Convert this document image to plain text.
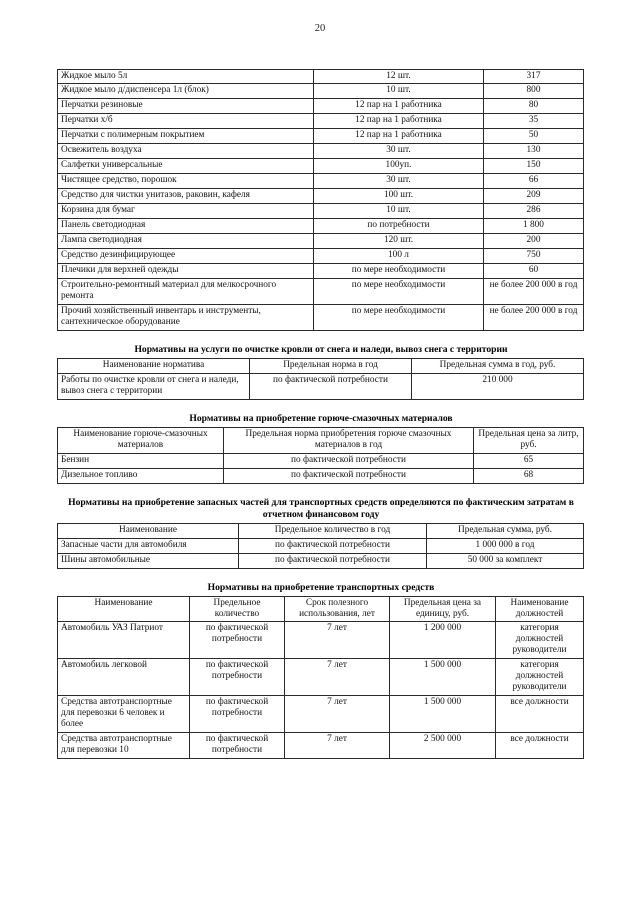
20
Жидкое мыло 5л	12 шт.	317
Жидкое мыло д/диспенсера 1л (блок)	10 шт.	800
Перчатки резиновые	12 пар на 1 работника	80
Перчатки х/б	12 пар на 1 работника	35
Перчатки с полимерным покрытием	12 пар на 1 работника	50
Освежитель воздуха	30 шт.	130
Салфетки универсальные	100уп.	150
Чистящее средство, порошок	30 шт.	66
Средство для чистки унитазов, раковин, кафеля	100 шт.	209
Корзина для бумаг	10 шт.	286
Панель светодиодная	по потребности	1 800
Лампа светодиодная	120 шт.	200
Средство дезинфицирующее	100 л	750
Плечики для верхней одежды	по мере необходимости	60
Строительно-ремонтный материал для мелкосрочного ремонта	по мере необходимости	не более 200 000 в год
Прочий хозяйственный инвентарь и инструменты, сантехническое оборудование	по мере необходимости	не более 200 000 в год
Нормативы на услуги по очистке кровли от снега и наледи, вывоз снега с территории
Наименование норматива	Предельная норма в год	Предельная сумма в год, руб.
Работы по очистке кровли от снега и наледи, вывоз снега с территории	по фактической потребности	210 000
Нормативы на приобретение горюче-смазочных материалов
Наименование горюче-смазочных материалов	Предельная норма приобретения горюче смазочных материалов в год	Предельная цена за литр, руб.
Бензин	по фактической потребности	65
Дизельное топливо	по фактической потребности	68
Нормативы на приобретение запасных частей для транспортных средств определяются по фактическим затратам в отчетном финансовом году
Наименование	Предельное количество в год	Предельная сумма, руб.
Запасные части для автомобиля	по фактической потребности	1 000 000 в год
Шины автомобильные	по фактической потребности	50 000 за комплект
Нормативы на приобретение транспортных средств
Наименование	Предельное количество	Срок полезного использования, лет	Предельная цена за единицу, руб.	Наименование должностей
Автомобиль УАЗ Патриот	по фактической потребности	7 лет	1 200 000	категория должностей руководители
Автомобиль легковой	по фактической потребности	7 лет	1 500 000	категория должностей руководители
Средства автотранспортные для перевозки 6 человек и более	по фактической потребности	7 лет	1 500 000	все должности
Средства автотранспортные для перевозки 10	по фактической потребности	7 лет	2 500 000	все должности
